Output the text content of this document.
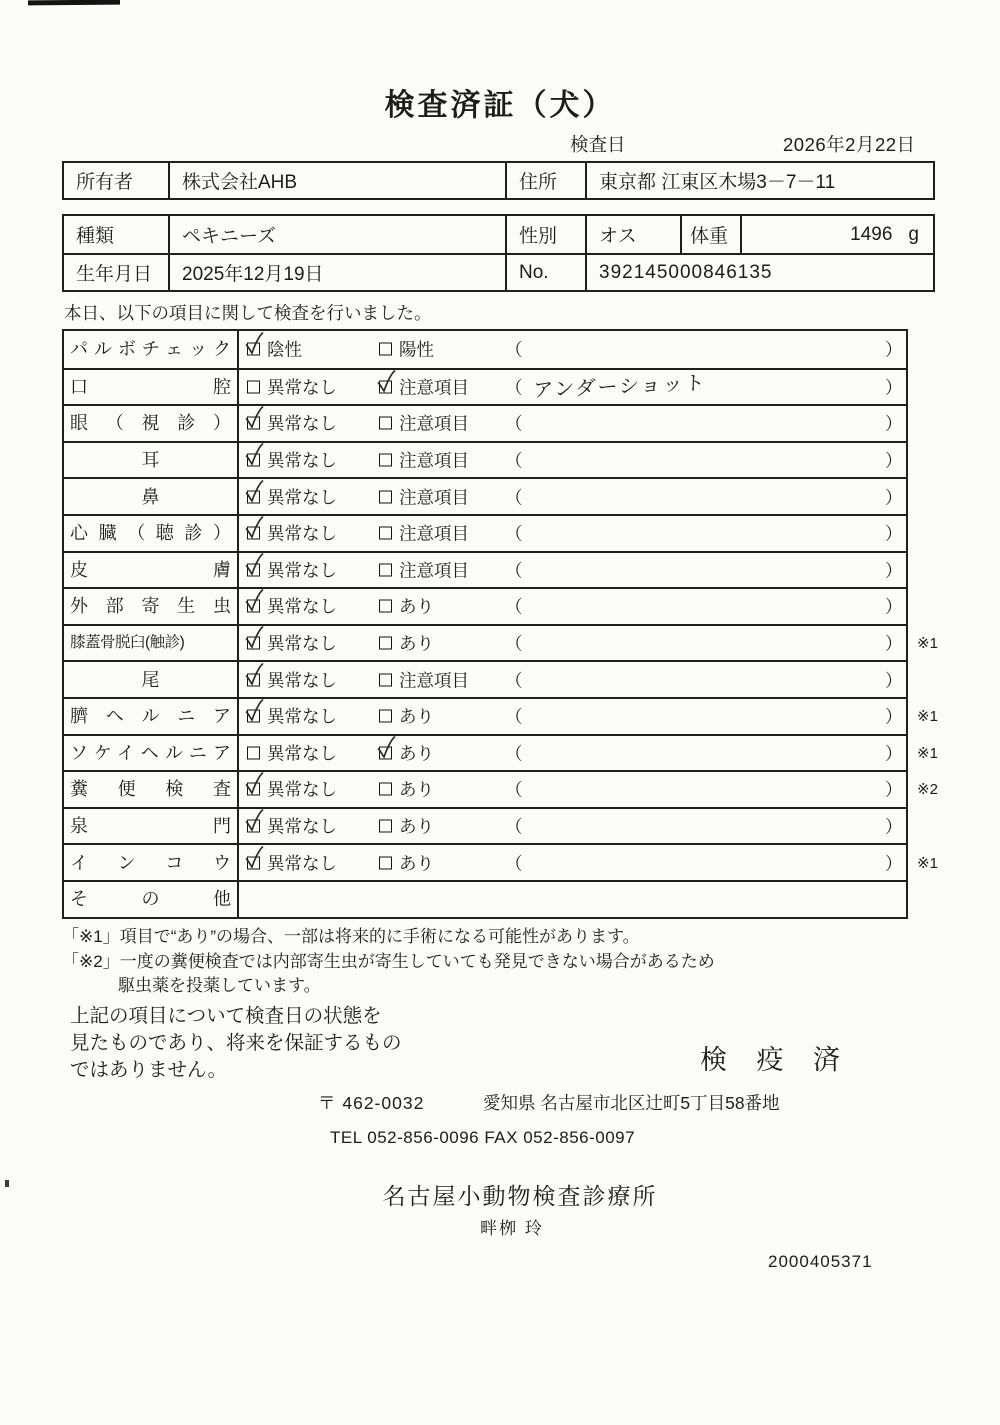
検査済証（犬）
検査日	2026年2月22日
所有者	株式会社AHB	住所	東京都 江東区木場3－7－11
種類	ペキニーズ	性別	オス	体重	1496 g
生年月日	2025年12月19日	No.	392145000846135
本日、以下の項目に関して検査を行いました。
パルボチェック 陰性	陽性	（	）
口腔 異常なし	注意項目 （ アンダーショット	）
眼（視診） 異常なし	注意項目 （	）
耳	異常なし	注意項目 （	）
鼻	異常なし	注意項目 （	）
心臓（聴診） 異常なし	注意項目 （	）
皮膚 異常なし	注意項目 （	）
外部寄生虫 異常なし	あり	（	）
膝蓋骨脱臼(触診)	異常なし	あり	（	） ※1
尾	異常なし	注意項目 （	）
臍ヘルニア 異常なし	あり	（	） ※1
ソケイヘルニア 異常なし	あり	（	） ※1
糞便検査 異常なし	あり	（	） ※2
泉門 異常なし	あり	（	）
インコウ 異常なし	あり	（	） ※1
その他
「※1」項目で“あり”の場合、一部は将来的に手術になる可能性があります。
「※2」一度の糞便検査では内部寄生虫が寄生していても発見できない場合があるため
駆虫薬を投薬しています。
上記の項目について検査日の状態を
見たものであり、将来を保証するもの
ではありません。	検 疫 済
〒 462-0032	愛知県 名古屋市北区辻町5丁目58番地
TEL 052-856-0096 FAX 052-856-0097
名古屋小動物検査診療所
畔栁 玲
2000405371
